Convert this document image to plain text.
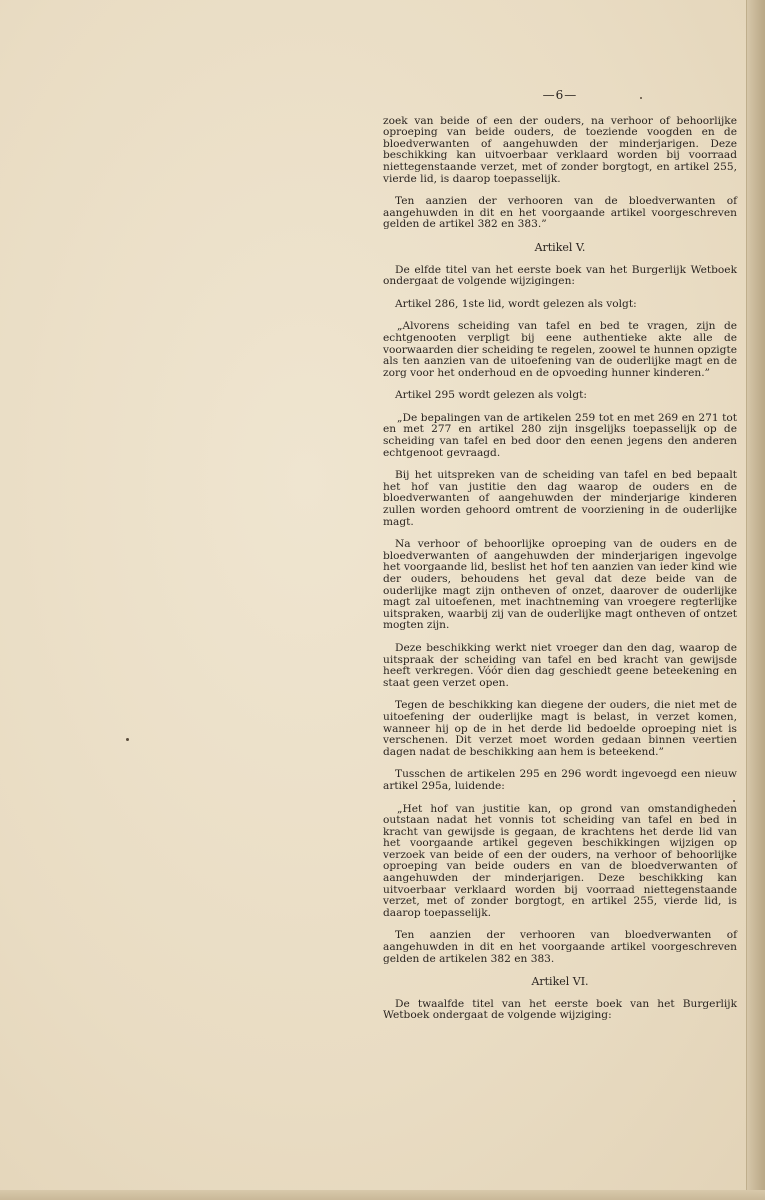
—6—

zoek van beide of een der ouders, na verhoor of behoorlijke oproeping van beide ouders, de toeziende voogden en de bloedverwanten of aangehuwden der minderjarigen. Deze beschikking kan uitvoerbaar verklaard worden bij voorraad niettegenstaande verzet, met of zonder borgtogt, en artikel 255, vierde lid, is daarop toepasselijk.

Ten aanzien der verhooren van de bloedverwanten of aangehuwden in dit en het voorgaande artikel voorgeschreven gelden de artikel 382 en 383.”

Artikel V.

De elfde titel van het eerste boek van het Burgerlijk Wetboek ondergaat de volgende wijzigingen:

Artikel 286, 1ste lid, wordt gelezen als volgt:

„Alvorens scheiding van tafel en bed te vragen, zijn de echtgenooten verpligt bij eene authentieke akte alle de voorwaarden dier scheiding te regelen, zoowel te hunnen opzigte als ten aanzien van de uitoefening van de ouderlijke magt en de zorg voor het onderhoud en de opvoeding hunner kinderen.”

Artikel 295 wordt gelezen als volgt:

„De bepalingen van de artikelen 259 tot en met 269 en 271 tot en met 277 en artikel 280 zijn insgelijks toepasselijk op de scheiding van tafel en bed door den eenen jegens den anderen echtgenoot gevraagd.

Bij het uitspreken van de scheiding van tafel en bed bepaalt het hof van justitie den dag waarop de ouders en de bloedverwanten of aangehuwden der minderjarige kinderen zullen worden gehoord omtrent de voorziening in de ouderlijke magt.

Na verhoor of behoorlijke oproeping van de ouders en de bloedverwanten of aangehuwden der minderjarigen ingevolge het voorgaande lid, beslist het hof ten aanzien van ieder kind wie der ouders, behoudens het geval dat deze beide van de ouderlijke magt zijn ontheven of onzet, daarover de ouderlijke magt zal uitoefenen, met inachtneming van vroegere regterlijke uitspraken, waarbij zij van de ouderlijke magt ontheven of ontzet mogten zijn.

Deze beschikking werkt niet vroeger dan den dag, waarop de uitspraak der scheiding van tafel en bed kracht van gewijsde heeft verkregen. Vóór dien dag geschiedt geene beteekening en staat geen verzet open.

Tegen de beschikking kan diegene der ouders, die niet met de uitoefening der ouderlijke magt is belast, in verzet komen, wanneer hij op de in het derde lid bedoelde oproeping niet is verschenen. Dit verzet moet worden gedaan binnen veertien dagen nadat de beschikking aan hem is beteekend.”

Tusschen de artikelen 295 en 296 wordt ingevoegd een nieuw artikel 295a, luidende:

„Het hof van justitie kan, op grond van omstandigheden outstaan nadat het vonnis tot scheiding van tafel en bed in kracht van gewijsde is gegaan, de krachtens het derde lid van het voorgaande artikel gegeven beschikkingen wijzigen op verzoek van beide of een der ouders, na verhoor of behoorlijke oproeping van beide ouders en van de bloedverwanten of aangehuwden der minderjarigen. Deze beschikking kan uitvoerbaar verklaard worden bij voorraad niettegenstaande verzet, met of zonder borgtogt, en artikel 255, vierde lid, is daarop toepasselijk.

Ten aanzien der verhooren van bloedverwanten of aangehuwden in dit en het voorgaande artikel voorgeschreven gelden de artikelen 382 en 383.

Artikel VI.

De twaalfde titel van het eerste boek van het Burgerlijk Wetboek ondergaat de volgende wijziging:
